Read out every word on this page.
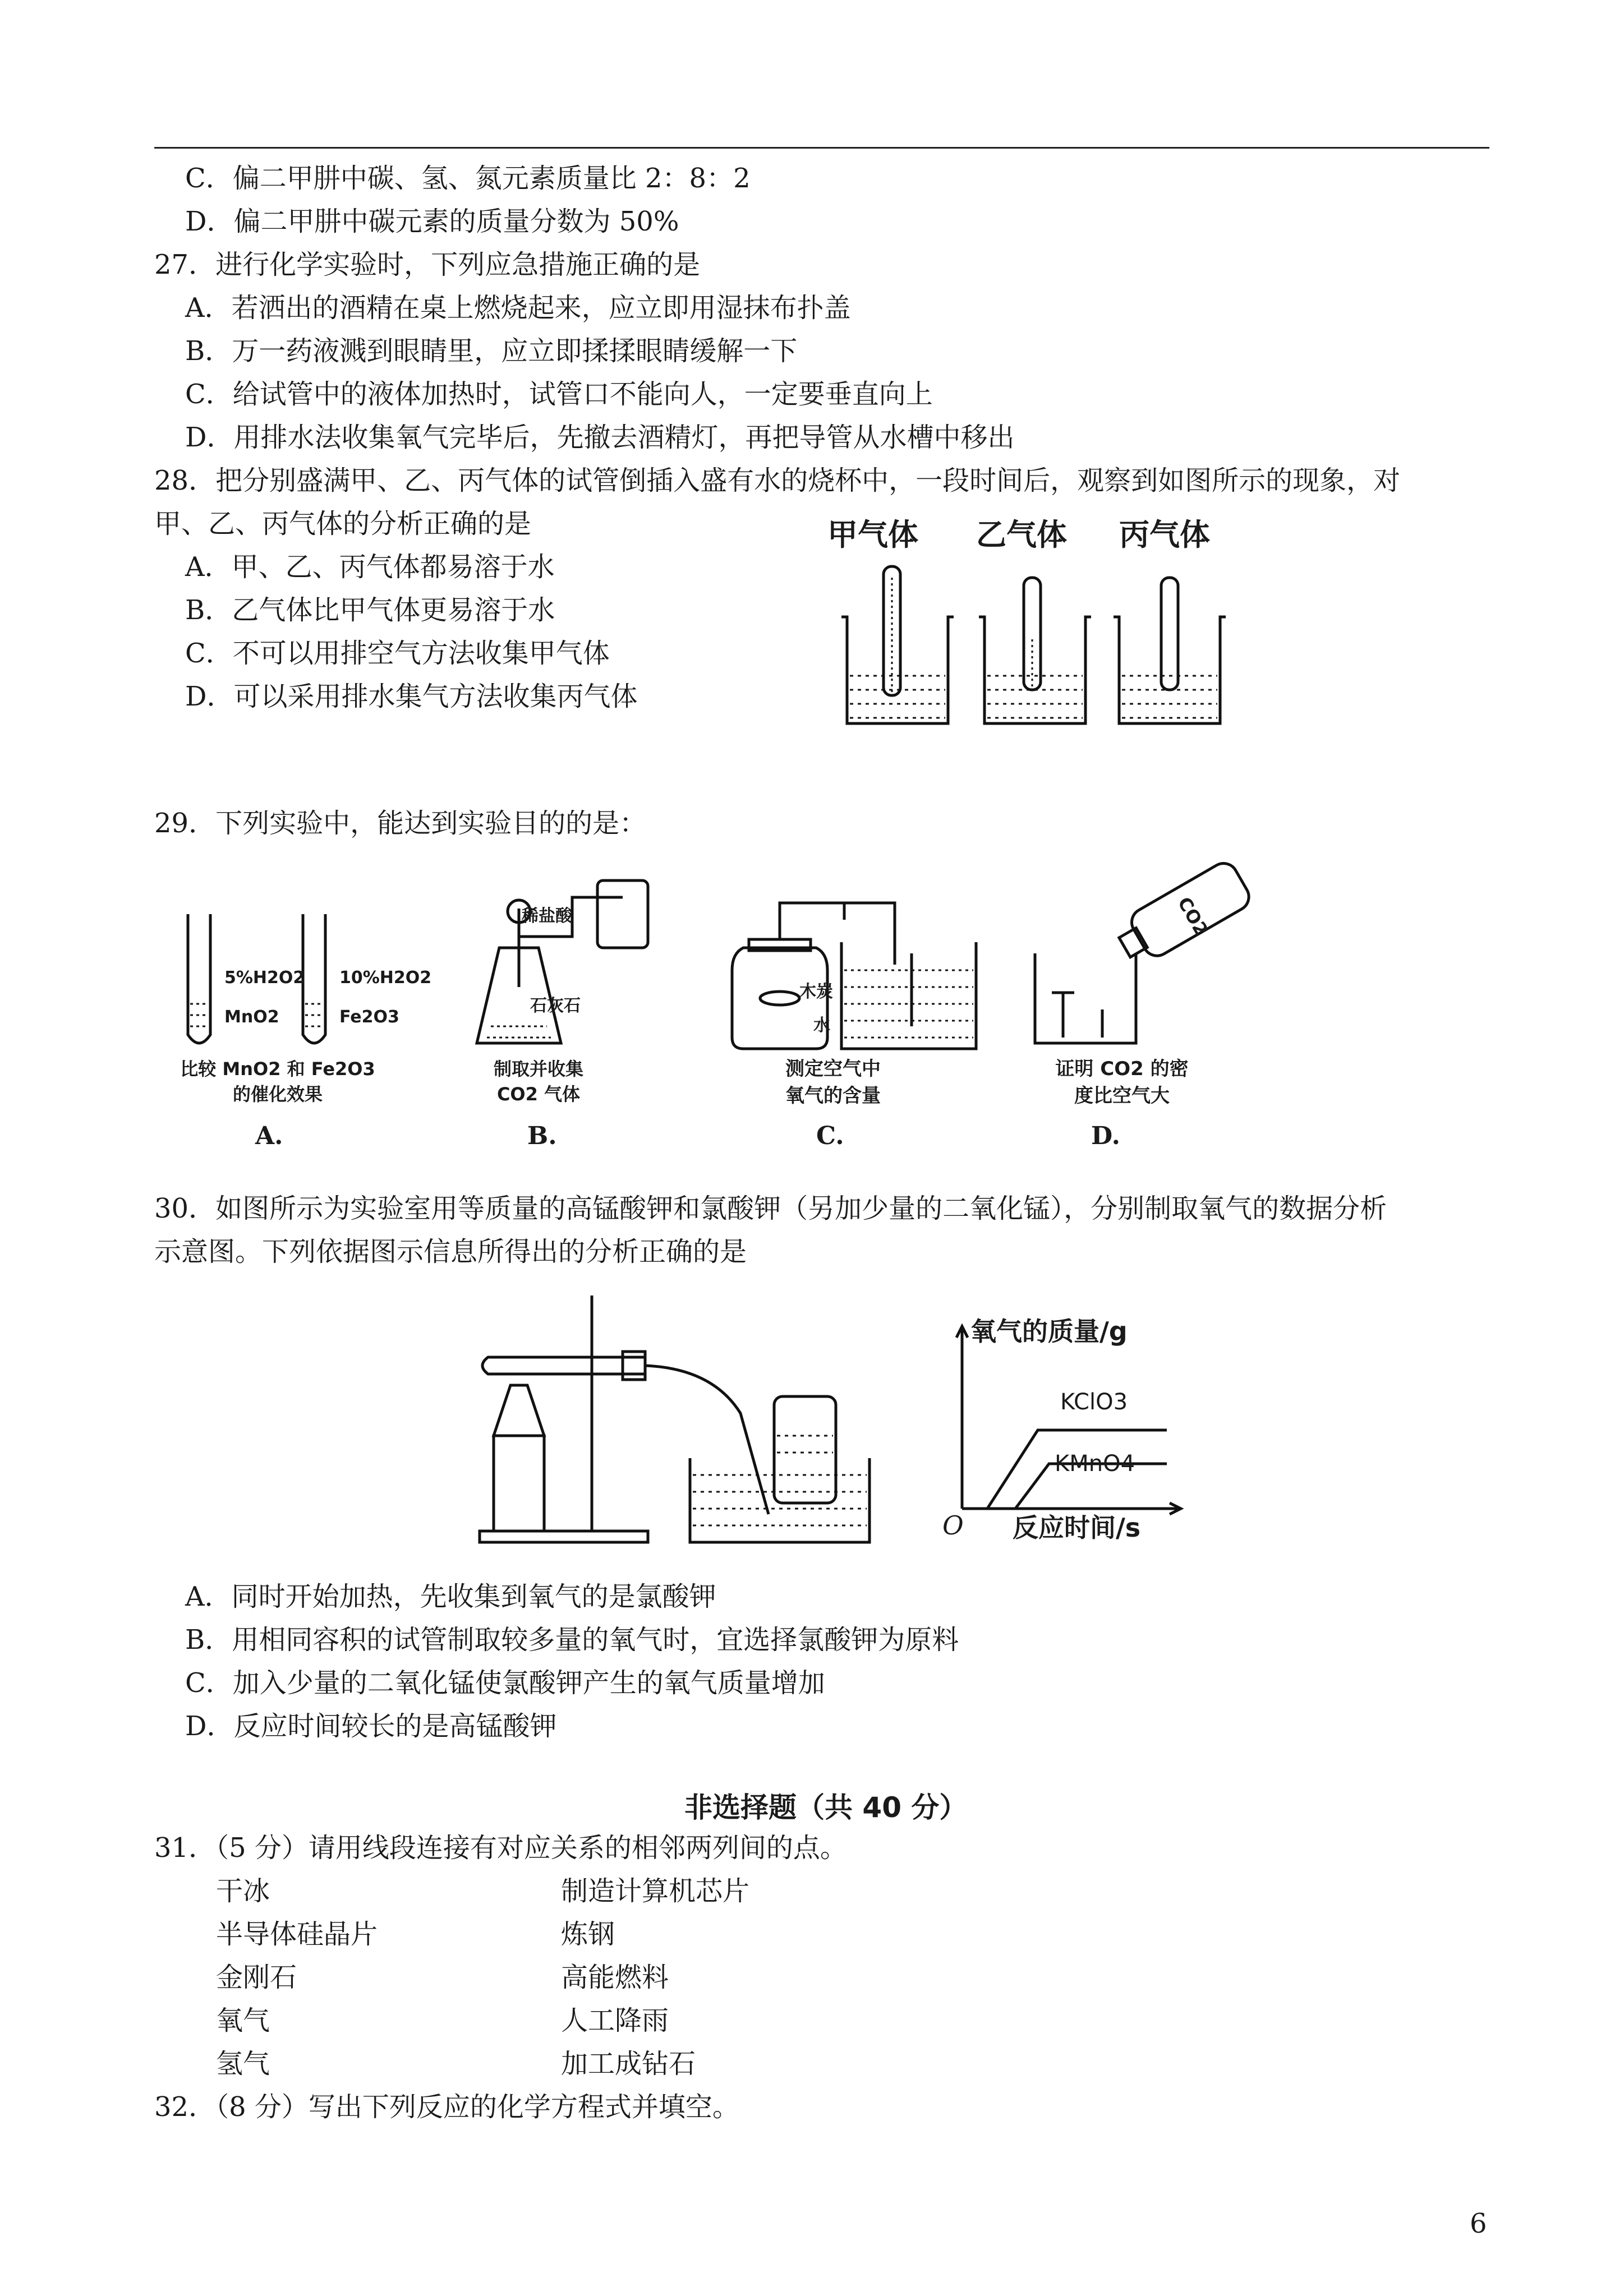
C．偏二甲肼中碳、氢、氮元素质量比 2：8：2
D．偏二甲肼中碳元素的质量分数为 50%
27．进行化学实验时，下列应急措施正确的是
A．若洒出的酒精在桌上燃烧起来，应立即用湿抹布扑盖
B．万一药液溅到眼睛里，应立即揉揉眼睛缓解一下
C．给试管中的液体加热时，试管口不能向人，一定要垂直向上
D．用排水法收集氧气完毕后，先撤去酒精灯，再把导管从水槽中移出
28．把分别盛满甲、乙、丙气体的试管倒插入盛有水的烧杯中，一段时间后，观察到如图所示的现象，对
甲、乙、丙气体的分析正确的是
A．甲、乙、丙气体都易溶于水
B．乙气体比甲气体更易溶于水
C．不可以用排空气方法收集甲气体
D．可以采用排水集气方法收集丙气体
甲气体 乙气体 丙气体
29．下列实验中，能达到实验目的的是：
5%H2O2 10%H2O2
MnO2	Fe2O3
比较 MnO2 和 Fe2O3
的催化效果
A.
稀盐酸
石灰石
制取并收集
CO2 气体
B.
木炭
水
测定空气中
氧气的含量
C.
CO2
证明 CO2 的密
度比空气大
D.
30．如图所示为实验室用等质量的高锰酸钾和氯酸钾（另加少量的二氧化锰），分别制取氧气的数据分析
示意图。下列依据图示信息所得出的分析正确的是
氧气的质量/g
KClO3
KMnO4
O 反应时间/s
A．同时开始加热，先收集到氧气的是氯酸钾
B．用相同容积的试管制取较多量的氧气时，宜选择氯酸钾为原料
C．加入少量的二氧化锰使氯酸钾产生的氧气质量增加
D．反应时间较长的是高锰酸钾
非选择题（共 40 分）
31．（5 分）请用线段连接有对应关系的相邻两列间的点。
干冰
半导体硅晶片
金刚石
氧气
氢气
制造计算机芯片
炼钢
高能燃料
人工降雨
加工成钻石
32．（8 分）写出下列反应的化学方程式并填空。
6
